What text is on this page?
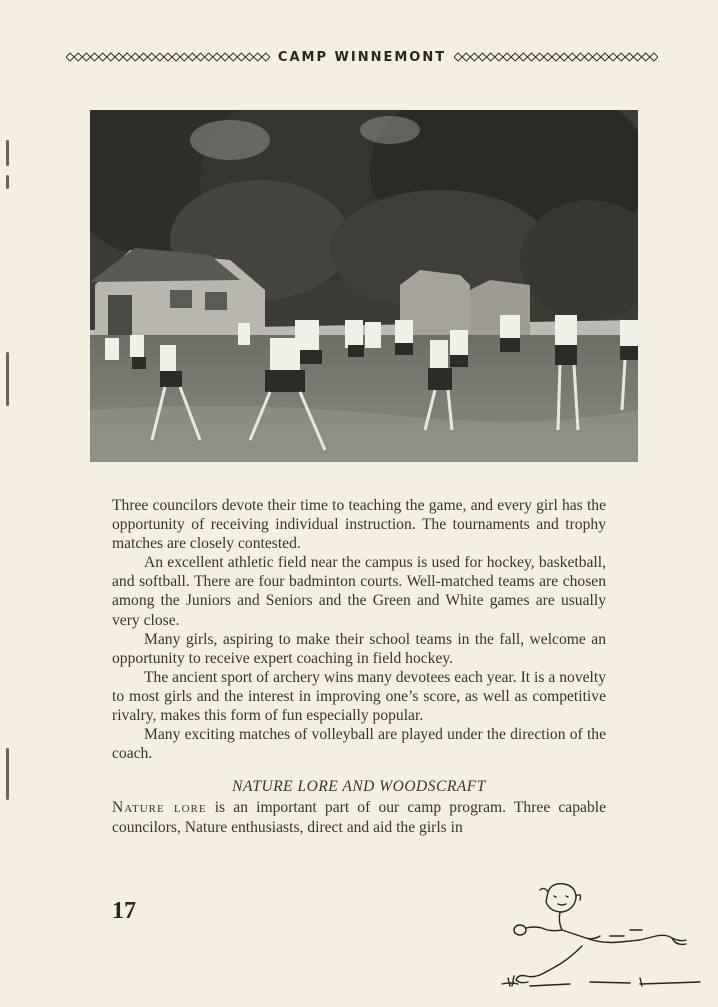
CAMP WINNEMONT

Three councilors devote their time to teaching the game, and every girl has the opportunity of receiving individual instruction. The tournaments and trophy matches are closely contested.

An excellent athletic field near the campus is used for hockey, basketball, and softball. There are four badminton courts. Well-matched teams are chosen among the Juniors and Seniors and the Green and White games are usually very close.

Many girls, aspiring to make their school teams in the fall, welcome an opportunity to receive expert coaching in field hockey.

The ancient sport of archery wins many devotees each year. It is a novelty to most girls and the interest in improving one’s score, as well as competitive rivalry, makes this form of fun especially popular.

Many exciting matches of volleyball are played under the direction of the coach.

NATURE LORE AND WOODSCRAFT

Nature lore is an important part of our camp program. Three capable councilors, Nature enthusiasts, direct and aid the girls in

17
